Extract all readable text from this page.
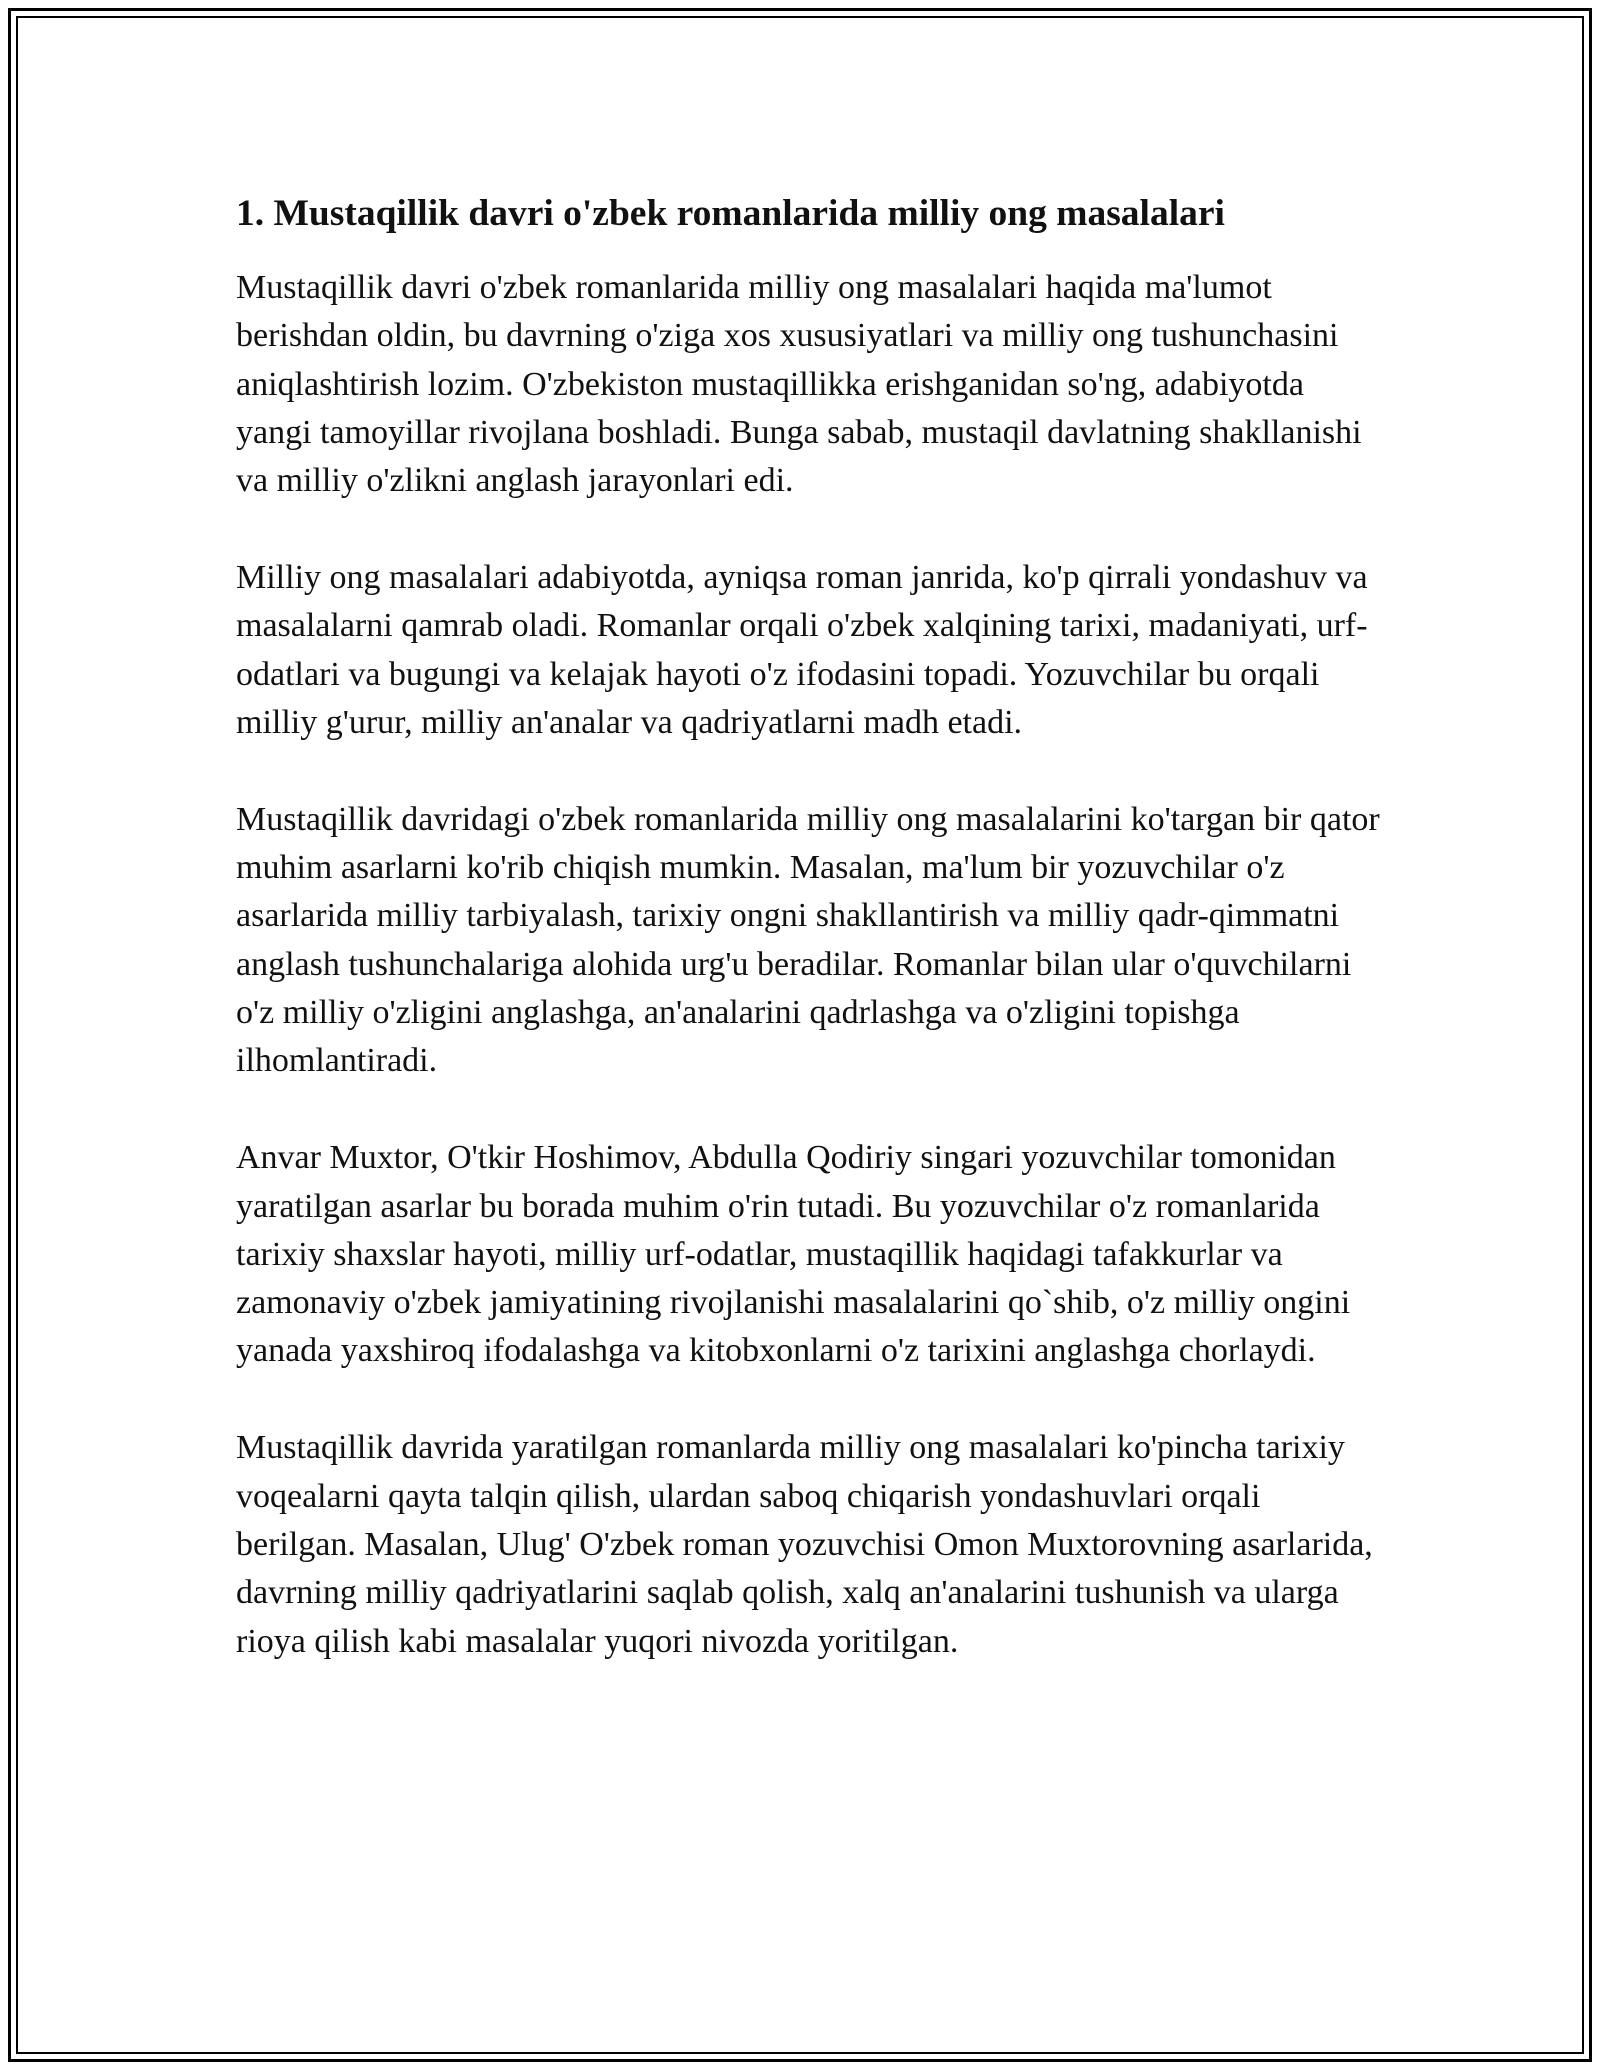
1. Mustaqillik davri o'zbek romanlarida milliy ong masalalari

Mustaqillik davri o'zbek romanlarida milliy ong masalalari haqida ma'lumot berishdan oldin, bu davrning o'ziga xos xususiyatlari va milliy ong tushunchasini aniqlashtirish lozim. O'zbekiston mustaqillikka erishganidan so'ng, adabiyotda yangi tamoyillar rivojlana boshladi. Bunga sabab, mustaqil davlatning shakllanishi va milliy o'zlikni anglash jarayonlari edi.

Milliy ong masalalari adabiyotda, ayniqsa roman janrida, ko'p qirrali yondashuv va masalalarni qamrab oladi. Romanlar orqali o'zbek xalqining tarixi, madaniyati, urf-odatlari va bugungi va kelajak hayoti o'z ifodasini topadi. Yozuvchilar bu orqali milliy g'urur, milliy an'analar va qadriyatlarni madh etadi.

Mustaqillik davridagi o'zbek romanlarida milliy ong masalalarini ko'targan bir qator muhim asarlarni ko'rib chiqish mumkin. Masalan, ma'lum bir yozuvchilar o'z asarlarida milliy tarbiyalash, tarixiy ongni shakllantirish va milliy qadr-qimmatni anglash tushunchalariga alohida urg'u beradilar. Romanlar bilan ular o'quvchilarni o'z milliy o'zligini anglashga, an'analarini qadrlashga va o'zligini topishga ilhomlantiradi.

Anvar Muxtor, O'tkir Hoshimov, Abdulla Qodiriy singari yozuvchilar tomonidan yaratilgan asarlar bu borada muhim o'rin tutadi. Bu yozuvchilar o'z romanlarida tarixiy shaxslar hayoti, milliy urf-odatlar, mustaqillik haqidagi tafakkurlar va zamonaviy o'zbek jamiyatining rivojlanishi masalalarini qo`shib, o'z milliy ongini yanada yaxshiroq ifodalashga va kitobxonlarni o'z tarixini anglashga chorlaydi.

Mustaqillik davrida yaratilgan romanlarda milliy ong masalalari ko'pincha tarixiy voqealarni qayta talqin qilish, ulardan saboq chiqarish yondashuvlari orqali berilgan. Masalan, Ulug' O'zbek roman yozuvchisi Omon Muxtorovning asarlarida, davrning milliy qadriyatlarini saqlab qolish, xalq an'analarini tushunish va ularga rioya qilish kabi masalalar yuqori nivozda yoritilgan.
